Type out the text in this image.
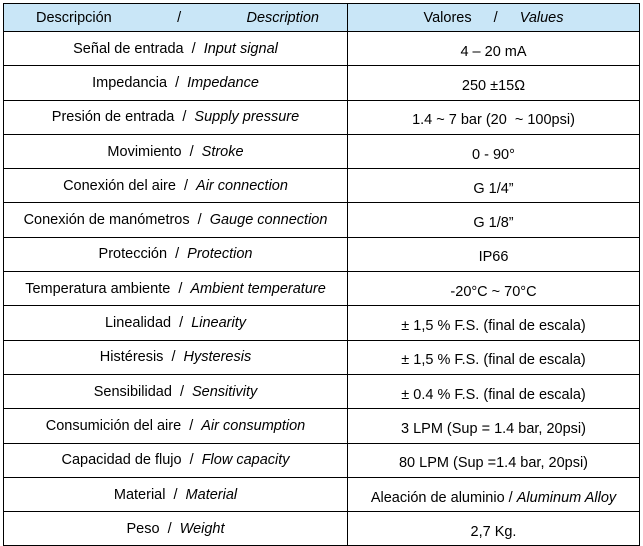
Descripción / Description	Valores / Values
Señal de entrada / Input signal	4 – 20 mA
Impedancia / Impedance	250 ±15Ω
Presión de entrada / Supply pressure	1.4 ~ 7 bar (20  ~ 100psi)
Movimiento / Stroke	0 - 90°
Conexión del aire / Air connection	G 1/4”
Conexión de manómetros / Gauge connection	G 1/8”
Protección / Protection	IP66
Temperatura ambiente / Ambient temperature	-20°C ~ 70°C
Linealidad / Linearity	± 1,5 % F.S. (final de escala)
Histéresis / Hysteresis	± 1,5 % F.S. (final de escala)
Sensibilidad / Sensitivity	± 0.4 % F.S. (final de escala)
Consumición del aire / Air consumption	3 LPM (Sup = 1.4 bar, 20psi)
Capacidad de flujo / Flow capacity	80 LPM (Sup =1.4 bar, 20psi)
Material / Material	Aleación de aluminio / Aluminum Alloy
Peso / Weight	2,7 Kg.
